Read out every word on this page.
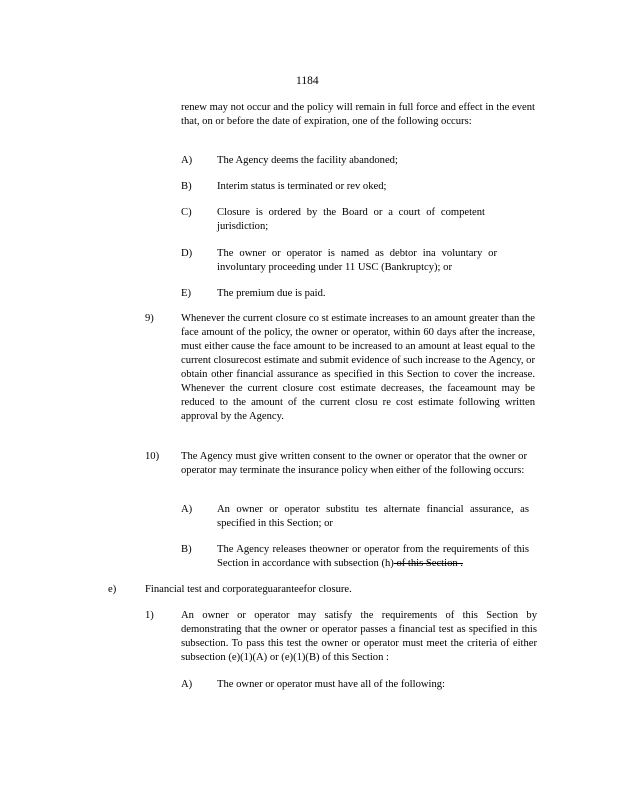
1184
renew may not occur and the policy will remain in full force and effect in the event that, on or before the date of expiration, one of the following occurs:
A) The Agency deems the facility abandoned;
B) Interim status is terminated or rev oked;
C) Closure is ordered by the Board or a court of competent jurisdiction;
D) The owner or operator is named as debtor ina voluntary or involuntary proceeding under 11 USC (Bankruptcy); or
E) The premium due is paid.
9)	Whenever the current closure co st estimate increases to an amount greater than the face amount of the policy, the owner or operator, within 60 days after the increase, must either cause the face amount to be increased to an amount at least equal to the current closurecost estimate and submit evidence of such increase to the Agency, or obtain other financial assurance as specified in this Section to cover the increase. Whenever the current closure cost estimate decreases, the faceamount may be reduced to the amount of the current closu re cost estimate following written approval by the Agency.
10) The Agency must give written consent to the owner or operator that the owner or operator may terminate the insurance policy when either of the following occurs:
A) An owner or operator substitu tes alternate financial assurance, as specified in this Section; or
B) The Agency releases theowner or operator from the requirements of this Section in accordance with subsection (h) of this Section .
e)	Financial test and corporateguaranteefor closure.
1)	An owner or operator may satisfy the requirements of this Section by demonstrating that the owner or operator passes a financial test as specified in this subsection. To pass this test the owner or operator must meet the criteria of either subsection (e)(1)(A) or (e)(1)(B) of this Section :
A) The owner or operator must have all of the following:
